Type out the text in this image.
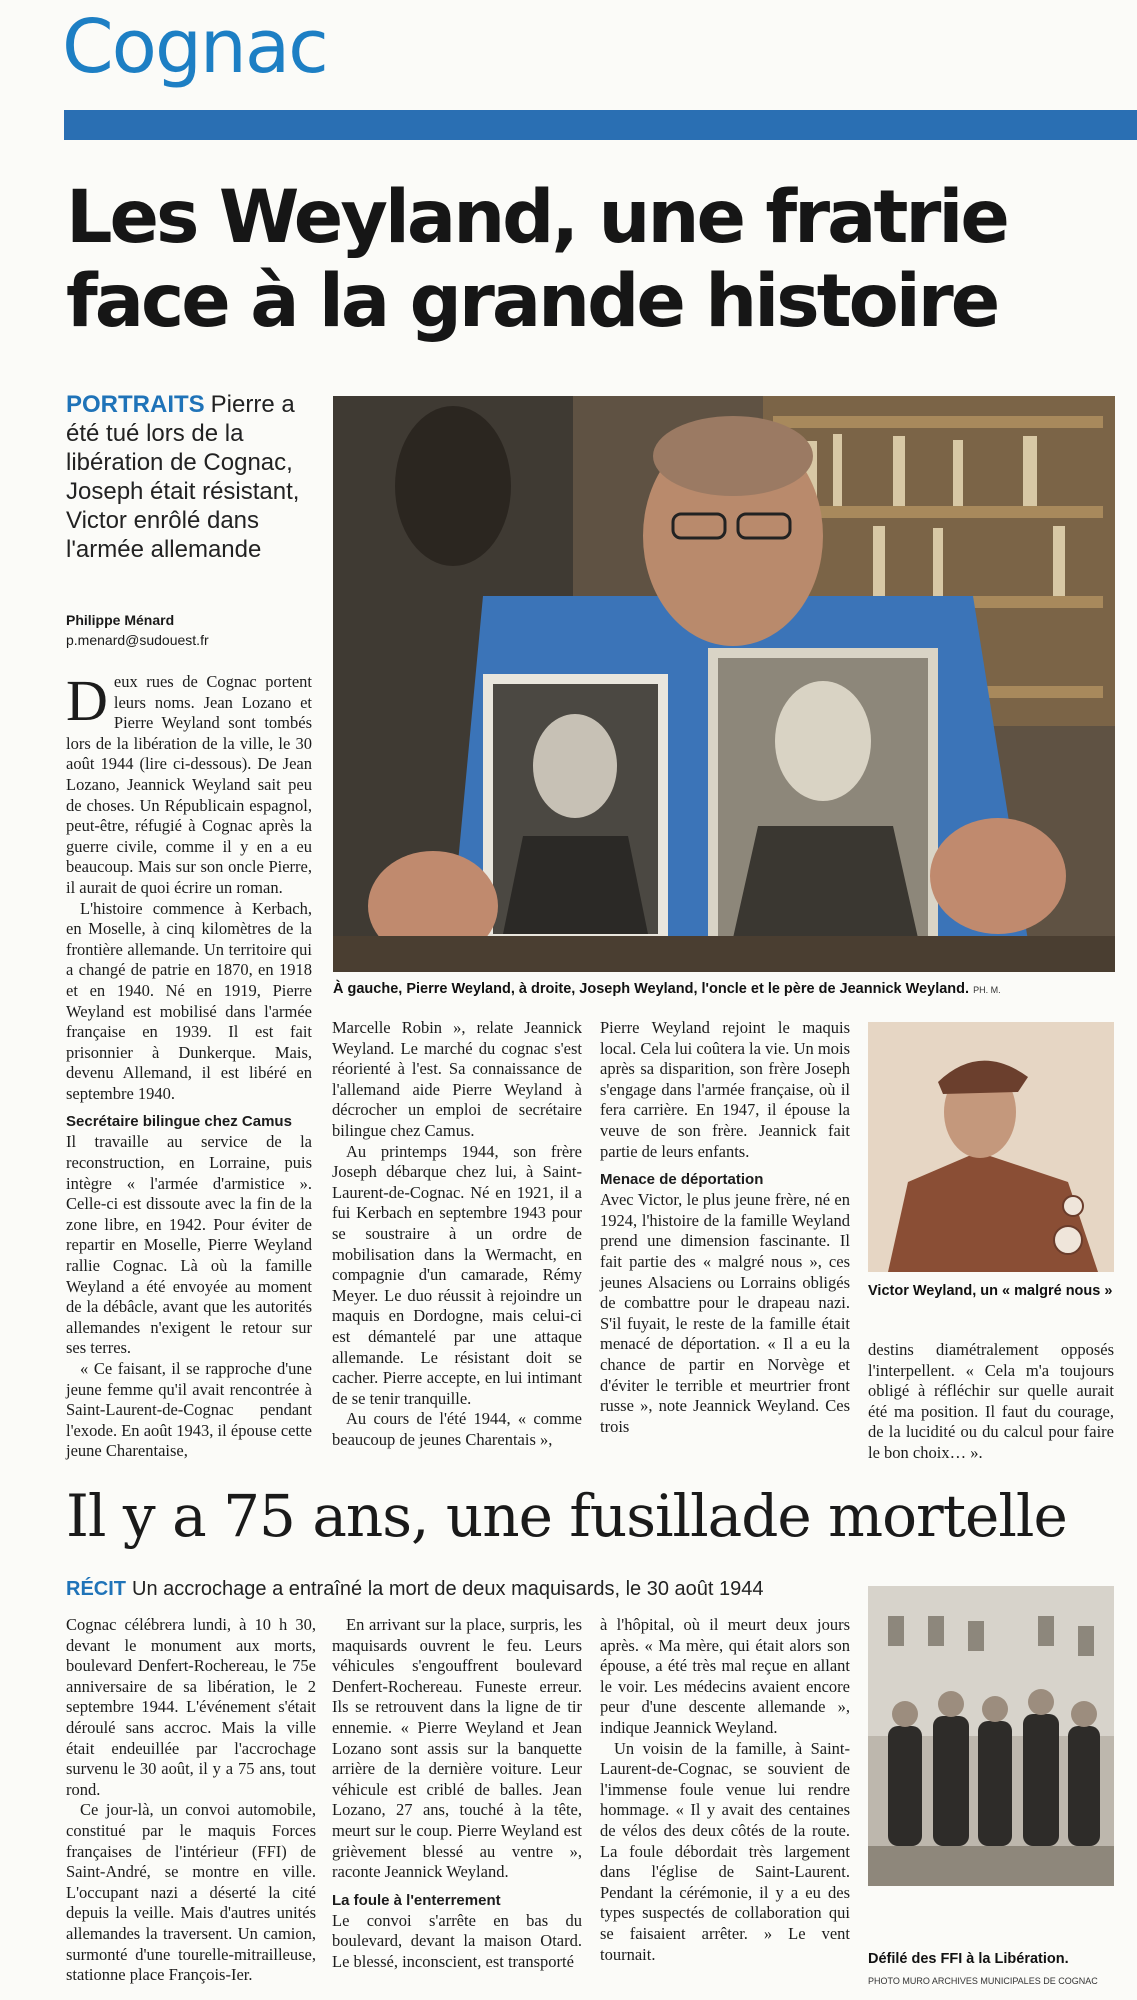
Cognac
Les Weyland, une fratrie face à la grande histoire
PORTRAITS Pierre a été tué lors de la libération de Cognac, Joseph était résistant, Victor enrôlé dans l'armée allemande
Philippe Ménard
p.menard@sudouest.fr
À gauche, Pierre Weyland, à droite, Joseph Weyland, l'oncle et le père de Jeannick Weyland. PH. M.

Deux rues de Cognac portent leurs noms. Jean Lozano et Pierre Weyland sont tombés lors de la libération de la ville, le 30 août 1944 (lire ci-dessous). De Jean Lozano, Jeannick Weyland sait peu de choses. Un Républicain espagnol, peut-être, réfugié à Cognac après la guerre civile, comme il y en a eu beaucoup. Mais sur son oncle Pierre, il aurait de quoi écrire un roman.

L'histoire commence à Kerbach, en Moselle, à cinq kilomètres de la frontière allemande. Un territoire qui a changé de patrie en 1870, en 1918 et en 1940. Né en 1919, Pierre Weyland est mobilisé dans l'armée française en 1939. Il est fait prisonnier à Dunkerque. Mais, devenu Allemand, il est libéré en septembre 1940.

Secrétaire bilingue chez Camus

Il travaille au service de la reconstruction, en Lorraine, puis intègre « l'armée d'armistice ». Celle-ci est dissoute avec la fin de la zone libre, en 1942. Pour éviter de repartir en Moselle, Pierre Weyland rallie Cognac. Là où la famille Weyland a été envoyée au moment de la débâcle, avant que les autorités allemandes n'exigent le retour sur ses terres.

« Ce faisant, il se rapproche d'une jeune femme qu'il avait rencontrée à Saint-Laurent-de-Cognac pendant l'exode. En août 1943, il épouse cette jeune Charentaise,

Marcelle Robin », relate Jeannick Weyland. Le marché du cognac s'est réorienté à l'est. Sa connaissance de l'allemand aide Pierre Weyland à décrocher un emploi de secrétaire bilingue chez Camus.

Au printemps 1944, son frère Joseph débarque chez lui, à Saint-Laurent-de-Cognac. Né en 1921, il a fui Kerbach en septembre 1943 pour se soustraire à un ordre de mobilisation dans la Wermacht, en compagnie d'un camarade, Rémy Meyer. Le duo réussit à rejoindre un maquis en Dordogne, mais celui-ci est démantelé par une attaque allemande. Le résistant doit se cacher. Pierre accepte, en lui intimant de se tenir tranquille.

Au cours de l'été 1944, « comme beaucoup de jeunes Charentais »,

Pierre Weyland rejoint le maquis local. Cela lui coûtera la vie. Un mois après sa disparition, son frère Joseph s'engage dans l'armée française, où il fera carrière. En 1947, il épouse la veuve de son frère. Jeannick fait partie de leurs enfants.

Menace de déportation

Avec Victor, le plus jeune frère, né en 1924, l'histoire de la famille Weyland prend une dimension fascinante. Il fait partie des « malgré nous », ces jeunes Alsaciens ou Lorrains obligés de combattre pour le drapeau nazi. S'il fuyait, le reste de la famille était menacé de déportation. « Il a eu la chance de partir en Norvège et d'éviter le terrible et meurtrier front russe », note Jeannick Weyland. Ces trois

Victor Weyland, un « malgré nous »

destins diamétralement opposés l'interpellent. « Cela m'a toujours obligé à réfléchir sur quelle aurait été ma position. Il faut du courage, de la lucidité ou du calcul pour faire le bon choix… ».

Il y a 75 ans, une fusillade mortelle
RÉCIT Un accrochage a entraîné la mort de deux maquisards, le 30 août 1944

Cognac célébrera lundi, à 10 h 30, devant le monument aux morts, boulevard Denfert-Rochereau, le 75e anniversaire de sa libération, le 2 septembre 1944. L'événement s'était déroulé sans accroc. Mais la ville était endeuillée par l'accrochage survenu le 30 août, il y a 75 ans, tout rond.

Ce jour-là, un convoi automobile, constitué par le maquis Forces françaises de l'intérieur (FFI) de Saint-André, se montre en ville. L'occupant nazi a déserté la cité depuis la veille. Mais d'autres unités allemandes la traversent. Un camion, surmonté d'une tourelle-mitrailleuse, stationne place François-Ier.

En arrivant sur la place, surpris, les maquisards ouvrent le feu. Leurs véhicules s'engouffrent boulevard Denfert-Rochereau. Funeste erreur. Ils se retrouvent dans la ligne de tir ennemie. « Pierre Weyland et Jean Lozano sont assis sur la banquette arrière de la dernière voiture. Leur véhicule est criblé de balles. Jean Lozano, 27 ans, touché à la tête, meurt sur le coup. Pierre Weyland est grièvement blessé au ventre », raconte Jeannick Weyland.

La foule à l'enterrement

Le convoi s'arrête en bas du boulevard, devant la maison Otard. Le blessé, inconscient, est transporté

à l'hôpital, où il meurt deux jours après. « Ma mère, qui était alors son épouse, a été très mal reçue en allant le voir. Les médecins avaient encore peur d'une descente allemande », indique Jeannick Weyland.

Un voisin de la famille, à Saint-Laurent-de-Cognac, se souvient de l'immense foule venue lui rendre hommage. « Il y avait des centaines de vélos des deux côtés de la route. La foule débordait très largement dans l'église de Saint-Laurent. Pendant la cérémonie, il y a eu des types suspectés de collaboration qui se faisaient arrêter. » Le vent tournait.	Défilé des FFI à la Libération.
PHOTO MURO ARCHIVES MUNICIPALES DE COGNAC
